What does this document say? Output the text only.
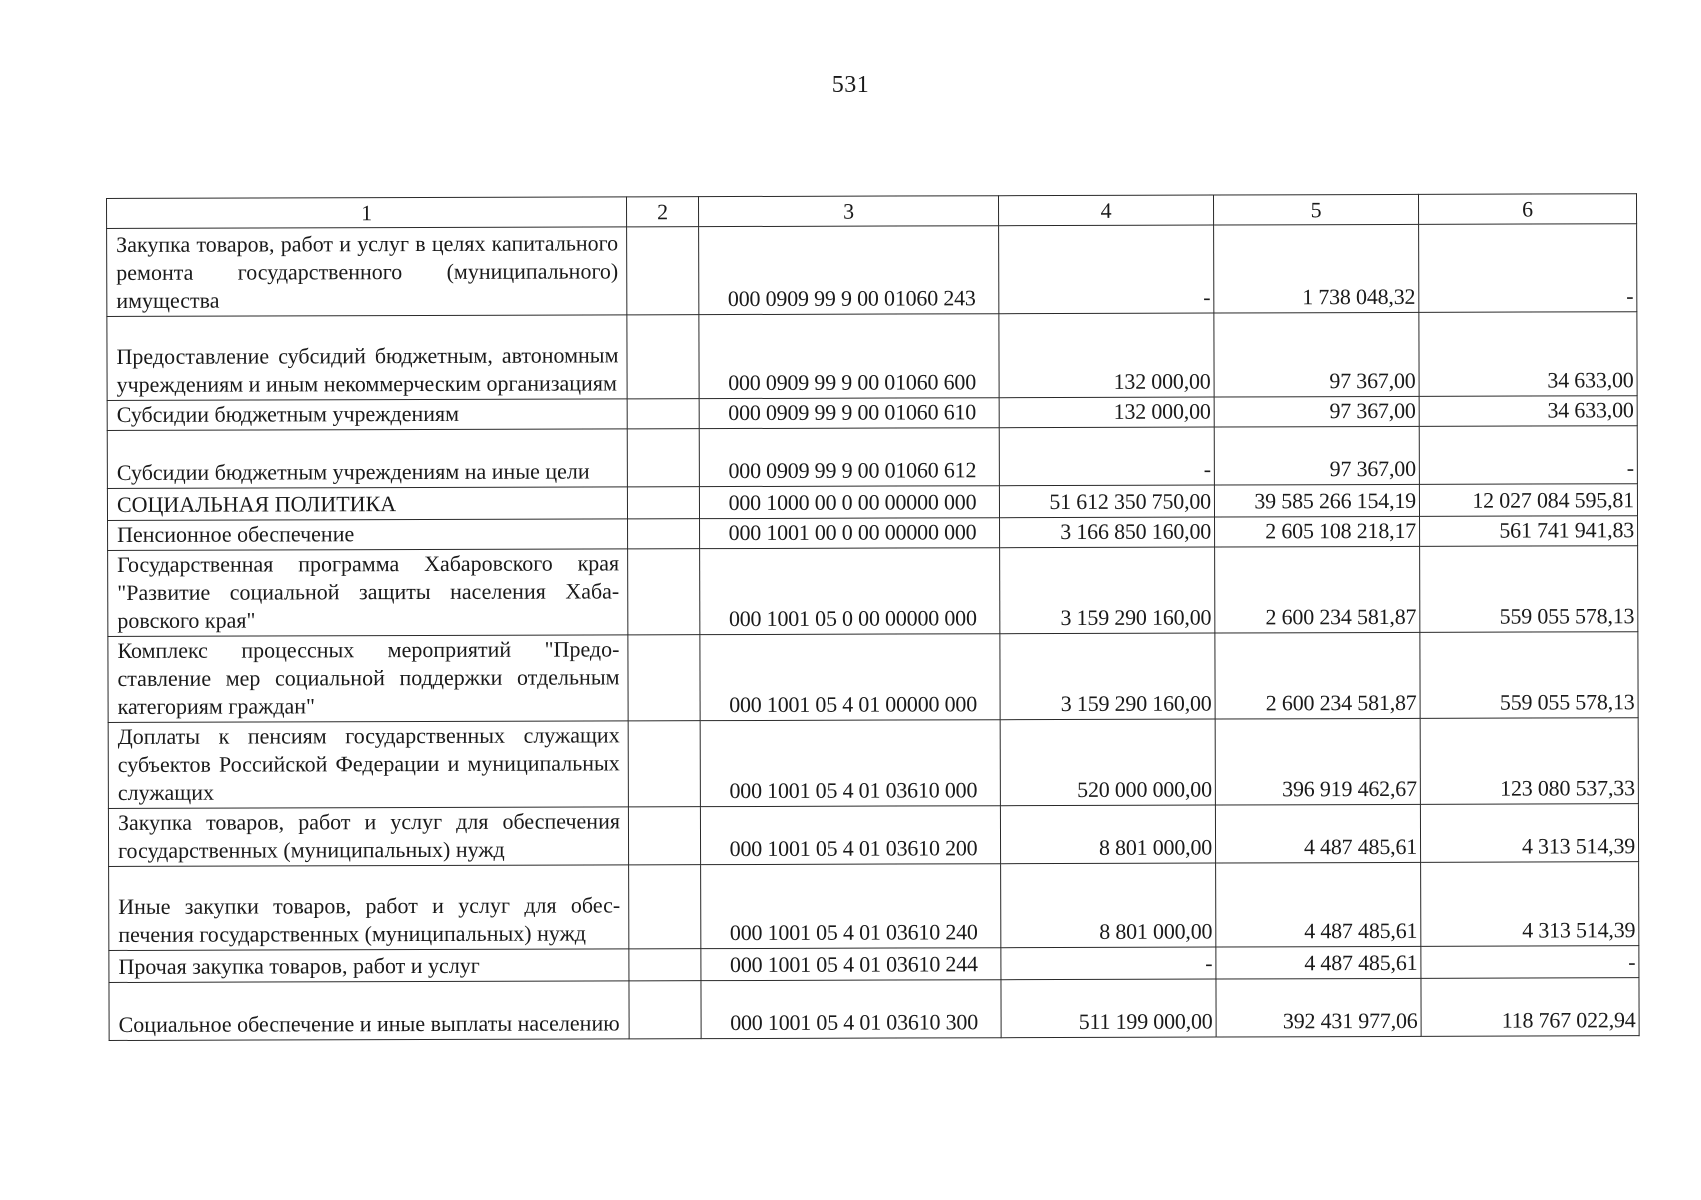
531
1	2	3	4	5	6
Закупка товаров, работ и услуг в целях капитального ремонта государственного (муниципального) имущества		000 0909 99 9 00 01060 243	-	1 738 048,32	-
Предоставление субсидий бюджетным, автономным учреждениям и иным некоммерческим организациям		000 0909 99 9 00 01060 600	132 000,00	97 367,00	34 633,00
Субсидии бюджетным учреждениям		000 0909 99 9 00 01060 610	132 000,00	97 367,00	34 633,00
Субсидии бюджетным учреждениям на иные цели		000 0909 99 9 00 01060 612	-	97 367,00	-
СОЦИАЛЬНАЯ ПОЛИТИКА		000 1000 00 0 00 00000 000	51 612 350 750,00	39 585 266 154,19	12 027 084 595,81
Пенсионное обеспечение		000 1001 00 0 00 00000 000	3 166 850 160,00	2 605 108 218,17	561 741 941,83
Государственная программа Хабаровского края "Развитие социальной защиты населения Хабаровского края"		000 1001 05 0 00 00000 000	3 159 290 160,00	2 600 234 581,87	559 055 578,13
Комплекс процессных мероприятий "Предоставление мер социальной поддержки отдельным категориям граждан"		000 1001 05 4 01 00000 000	3 159 290 160,00	2 600 234 581,87	559 055 578,13
Доплаты к пенсиям государственных служащих субъектов Российской Федерации и муниципальных служащих		000 1001 05 4 01 03610 000	520 000 000,00	396 919 462,67	123 080 537,33
Закупка товаров, работ и услуг для обеспечения государственных (муниципальных) нужд		000 1001 05 4 01 03610 200	8 801 000,00	4 487 485,61	4 313 514,39
Иные закупки товаров, работ и услуг для обеспечения государственных (муниципальных) нужд		000 1001 05 4 01 03610 240	8 801 000,00	4 487 485,61	4 313 514,39
Прочая закупка товаров, работ и услуг		000 1001 05 4 01 03610 244	-	4 487 485,61	-
Социальное обеспечение и иные выплаты населению		000 1001 05 4 01 03610 300	511 199 000,00	392 431 977,06	118 767 022,94
